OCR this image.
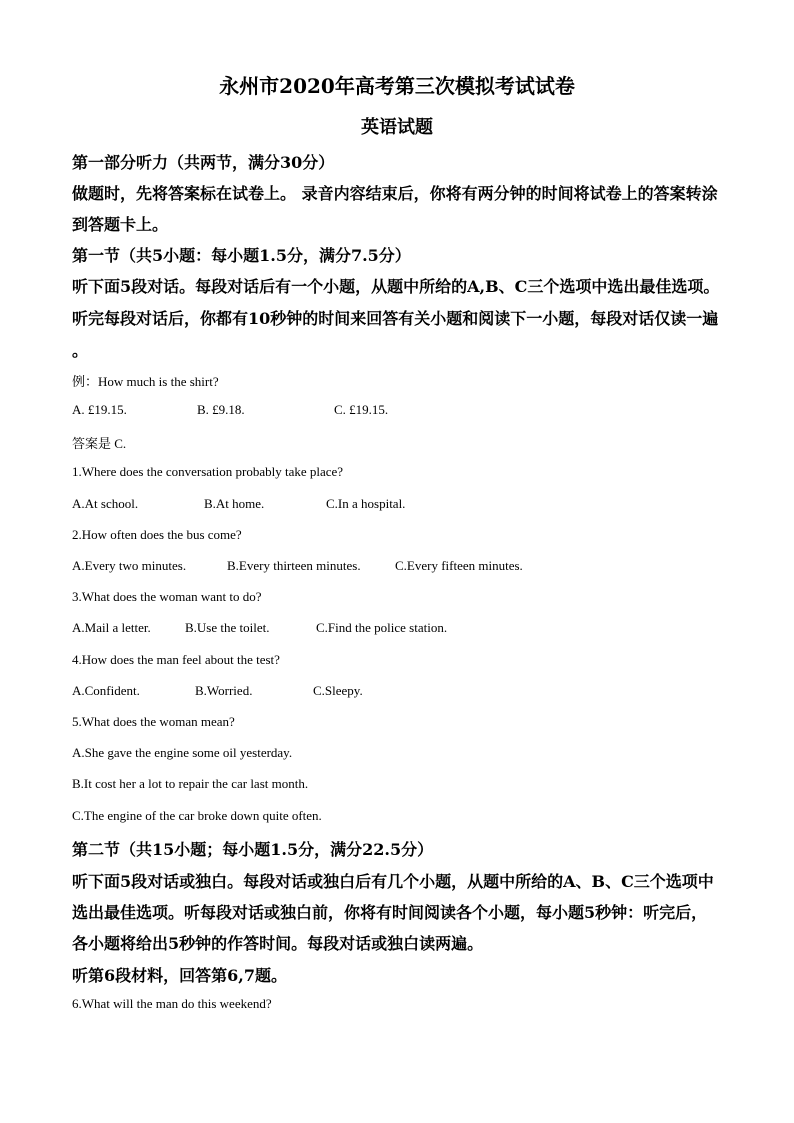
永州市2020年高考第三次模拟考试试卷
英语试题
第一部分听力（共两节，满分30分）
做题时，先将答案标在试卷上。 录音内容结束后，你将有两分钟的时间将试卷上的答案转涂
到答题卡上。
第一节（共5小题：每小题1.5分，满分7.5分）
听下面5段对话。每段对话后有一个小题，从题中所给的A,B、C三个选项中选出最佳选项。
听完每段对话后，你都有10秒钟的时间来回答有关小题和阅读下一小题，每段对话仅读一遍
。
例：How much is the shirt?
A. £19.15.	B. £9.18.	C. £19.15.
答案是 C.
1.Where does the conversation probably take place?
A.At school.	B.At home.	C.In a hospital.
2.How often does the bus come?
A.Every two minutes.	B.Every thirteen minutes.	C.Every fifteen minutes.
3.What does the woman want to do?
A.Mail a letter.	B.Use the toilet.	C.Find the police station.
4.How does the man feel about the test?
A.Confident.	B.Worried.	C.Sleepy.
5.What does the woman mean?
A.She gave the engine some oil yesterday.
B.It cost her a lot to repair the car last month.
C.The engine of the car broke down quite often.
第二节（共15小题；每小题1.5分，满分22.5分）
听下面5段对话或独白。每段对话或独白后有几个小题，从题中所给的A、B、C三个选项中
选出最佳选项。听每段对话或独白前，你将有时间阅读各个小题，每小题5秒钟：听完后，
各小题将给出5秒钟的作答时间。每段对话或独白读两遍。
听第6段材料，回答第6,7题。
6.What will the man do this weekend?
